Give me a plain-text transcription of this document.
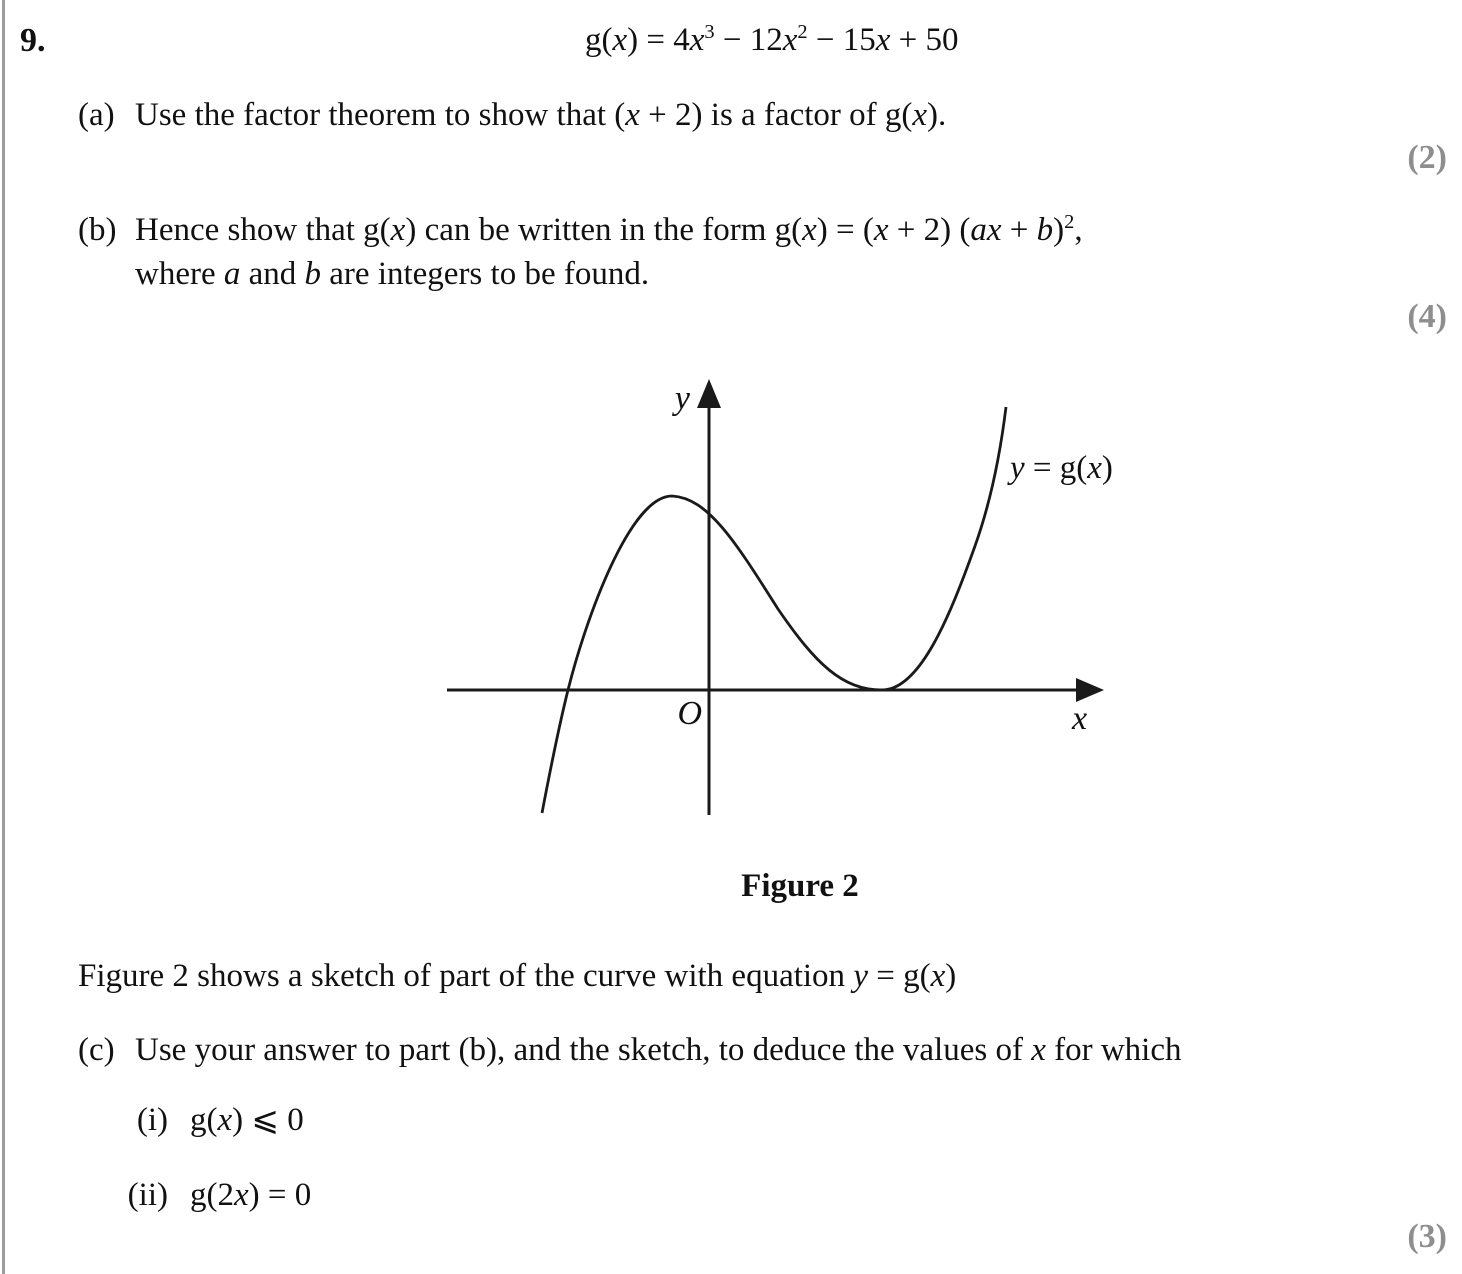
9.	$g(x) = 4x^3 - 12x^2 - 15x + 50$
(a) Use the factor theorem to show that (x + 2) is a factor of g(x).
(2)
(b) Hence show that g(x) can be written in the form g(x) = (x + 2) (ax + b)$^2$,
where a and b are integers to be found.
(4)
y
x
O
y = g(x)
Figure 2
Figure 2 shows a sketch of part of the curve with equation y = g(x)
(c) Use your answer to part (b), and the sketch, to deduce the values of x for which
(i) g(x) ⩽ 0
(ii) g(2x) = 0
(3)
